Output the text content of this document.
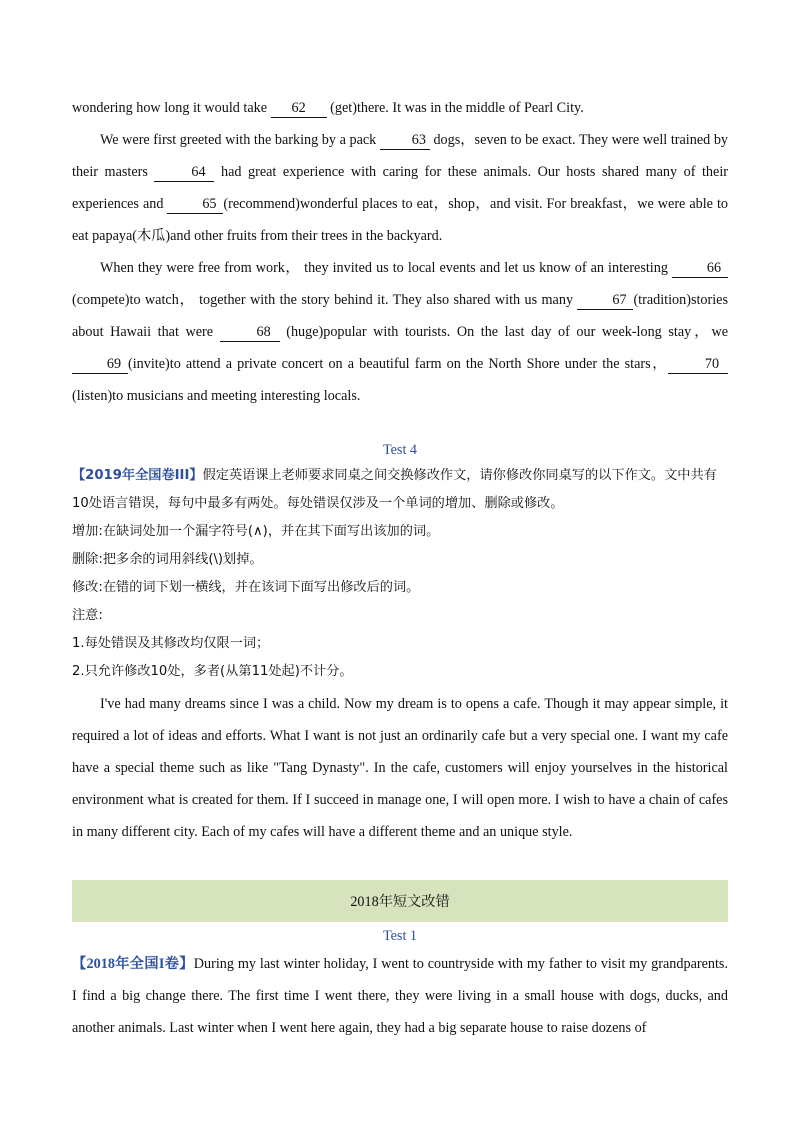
wondering how long it would take 62 (get)there. It was in the middle of Pearl City.

We were first greeted with the barking by a pack 63 dogs，seven to be exact. They were well trained by their masters	64 had great experience with caring for these animals. Our hosts shared many of their experiences and 65 (recommend)wonderful places to eat，shop，and visit. For breakfast，we were able to eat papaya(木瓜)and other fruits from their trees in the backyard.

When they were free from work， they invited us to local events and let us know of an interesting 66(compete)to watch， together with the story behind it. They also shared with us many 67 (tradition)stories about Hawaii that were	68 (huge)popular with tourists. On the last day of our week-long stay，we 69 (invite)to attend a private concert on a beautiful farm on the North Shore under the stars，	70 (listen)to musicians and meeting interesting locals.

Test 4

【2019年全国卷III】假定英语课上老师要求同桌之间交换修改作文，请你修改你同桌写的以下作文。文中共有10处语言错误，每句中最多有两处。每处错误仅涉及一个单词的增加、删除或修改。

增加:在缺词处加一个漏字符号(∧)，并在其下面写出该加的词。

删除:把多余的词用斜线(\)划掉。

修改:在错的词下划一横线，并在该词下面写出修改后的词。

注意:

1.每处错误及其修改均仅限一词；

2.只允许修改10处，多者(从第11处起)不计分。

I've had many dreams since I was a child. Now my dream is to opens a cafe. Though it may appear simple, it required a lot of ideas and efforts. What I want is not just an ordinarily cafe but a very special one. I want my cafe have a special theme such as like "Tang Dynasty". In the cafe, customers will enjoy yourselves in the historical environment what is created for them. If I succeed in manage one, I will open more. I wish to have a chain of cafes in many different city. Each of my cafes will have a different theme and an unique style.

2018年短文改错

Test 1

【2018年全国I卷】During my last winter holiday, I went to countryside with my father to visit my grandparents. I find a big change there. The first time I went there, they were living in a small house with dogs, ducks, and another animals. Last winter when I went here again, they had a big separate house to raise dozens of
